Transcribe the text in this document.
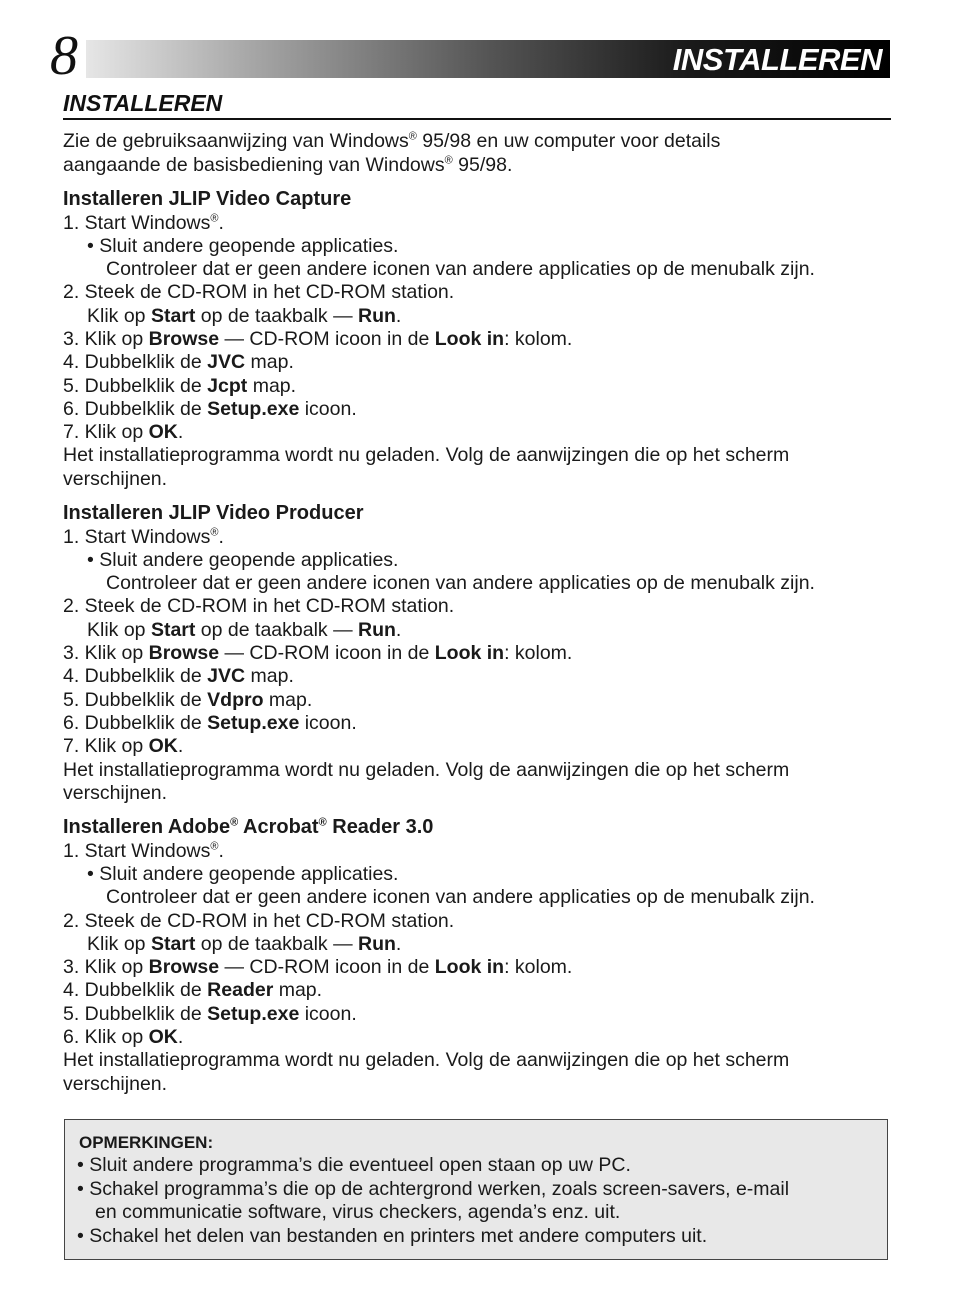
8	INSTALLEREN
INSTALLEREN
Zie de gebruiksaanwijzing van Windows® 95/98 en uw computer voor details
aangaande de basisbediening van Windows® 95/98.
Installeren JLIP Video Capture
1. Start Windows®.
• Sluit andere geopende applicaties.
Controleer dat er geen andere iconen van andere applicaties op de menubalk zijn.
2. Steek de CD-ROM in het CD-ROM station.
Klik op Start op de taakbalk — Run.
3. Klik op Browse — CD-ROM icoon in de Look in: kolom.
4. Dubbelklik de JVC map.
5. Dubbelklik de Jcpt map.
6. Dubbelklik de Setup.exe icoon.
7. Klik op OK.
Het installatieprogramma wordt nu geladen. Volg de aanwijzingen die op het scherm
verschijnen.
Installeren JLIP Video Producer
1. Start Windows®.
• Sluit andere geopende applicaties.
Controleer dat er geen andere iconen van andere applicaties op de menubalk zijn.
2. Steek de CD-ROM in het CD-ROM station.
Klik op Start op de taakbalk — Run.
3. Klik op Browse — CD-ROM icoon in de Look in: kolom.
4. Dubbelklik de JVC map.
5. Dubbelklik de Vdpro map.
6. Dubbelklik de Setup.exe icoon.
7. Klik op OK.
Het installatieprogramma wordt nu geladen. Volg de aanwijzingen die op het scherm
verschijnen.
Installeren Adobe® Acrobat® Reader 3.0
1. Start Windows®.
• Sluit andere geopende applicaties.
Controleer dat er geen andere iconen van andere applicaties op de menubalk zijn.
2. Steek de CD-ROM in het CD-ROM station.
Klik op Start op de taakbalk — Run.
3. Klik op Browse — CD-ROM icoon in de Look in: kolom.
4. Dubbelklik de Reader map.
5. Dubbelklik de Setup.exe icoon.
6. Klik op OK.
Het installatieprogramma wordt nu geladen. Volg de aanwijzingen die op het scherm
verschijnen.
OPMERKINGEN:
• Sluit andere programma’s die eventueel open staan op uw PC.
• Schakel programma’s die op de achtergrond werken, zoals screen-savers, e-mail
en communicatie software, virus checkers, agenda’s enz. uit.
• Schakel het delen van bestanden en printers met andere computers uit.
